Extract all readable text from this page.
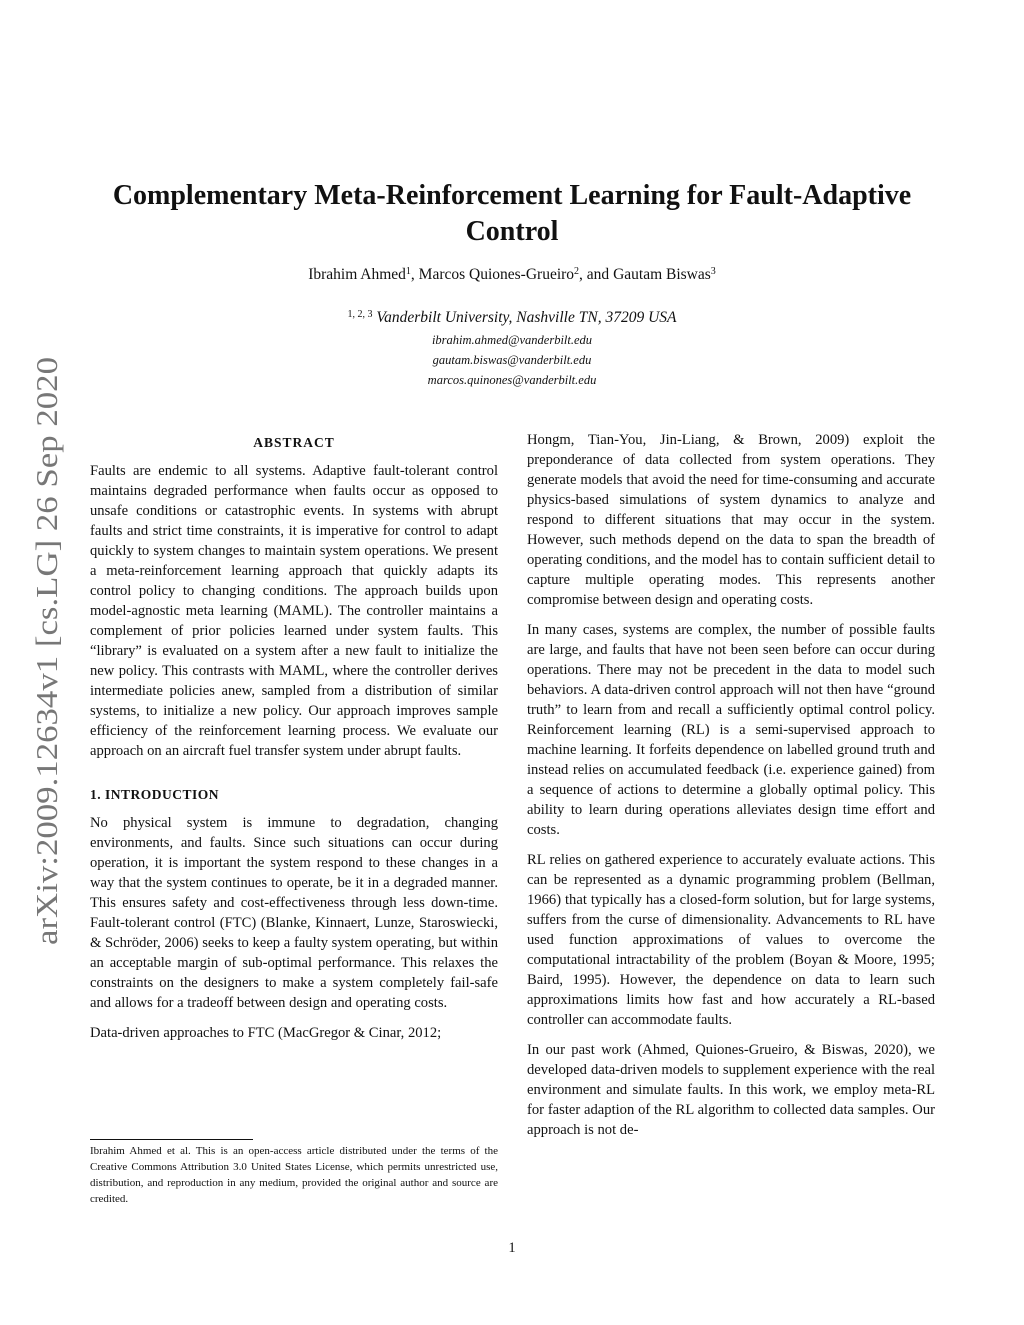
arXiv:2009.12634v1 [cs.LG] 26 Sep 2020
Complementary Meta-Reinforcement Learning for Fault-Adaptive Control
Ibrahim Ahmed$^1$, Marcos Quiones-Grueiro$^2$, and Gautam Biswas$^3$
$^{1, 2, 3}$ Vanderbilt University, Nashville TN, 37209 USA
ibrahim.ahmed@vanderbilt.edu
gautam.biswas@vanderbilt.edu
marcos.quinones@vanderbilt.edu
ABSTRACT

Faults are endemic to all systems. Adaptive fault-tolerant control maintains degraded performance when faults occur as opposed to unsafe conditions or catastrophic events. In systems with abrupt faults and strict time constraints, it is imperative for control to adapt quickly to system changes to maintain system operations. We present a meta-reinforcement learning approach that quickly adapts its control policy to changing conditions. The approach builds upon model-agnostic meta learning (MAML). The controller maintains a complement of prior policies learned under system faults. This “library” is evaluated on a system after a new fault to initialize the new policy. This contrasts with MAML, where the controller derives intermediate policies anew, sampled from a distribution of similar systems, to initialize a new policy. Our approach improves sample efficiency of the reinforcement learning process. We evaluate our approach on an aircraft fuel transfer system under abrupt faults.

1. INTRODUCTION

No physical system is immune to degradation, changing environments, and faults. Since such situations can occur during operation, it is important the system respond to these changes in a way that the system continues to operate, be it in a degraded manner. This ensures safety and cost-effectiveness through less down-time. Fault-tolerant control (FTC) (Blanke, Kinnaert, Lunze, Staroswiecki, & Schröder, 2006) seeks to keep a faulty system operating, but within an acceptable margin of sub-optimal performance. This relaxes the constraints on the designers to make a system completely fail-safe and allows for a tradeoff between design and operating costs.

Data-driven approaches to FTC (MacGregor & Cinar, 2012;

Hongm, Tian-You, Jin-Liang, & Brown, 2009) exploit the preponderance of data collected from system operations. They generate models that avoid the need for time-consuming and accurate physics-based simulations of system dynamics to analyze and respond to different situations that may occur in the system. However, such methods depend on the data to span the breadth of operating conditions, and the model has to contain sufficient detail to capture multiple operating modes. This represents another compromise between design and operating costs.

In many cases, systems are complex, the number of possible faults are large, and faults that have not been seen before can occur during operations. There may not be precedent in the data to model such behaviors. A data-driven control approach will not then have “ground truth” to learn from and recall a sufficiently optimal control policy. Reinforcement learning (RL) is a semi-supervised approach to machine learning. It forfeits dependence on labelled ground truth and instead relies on accumulated feedback (i.e. experience gained) from a sequence of actions to determine a globally optimal policy. This ability to learn during operations alleviates design time effort and costs.

RL relies on gathered experience to accurately evaluate actions. This can be represented as a dynamic programming problem (Bellman, 1966) that typically has a closed-form solution, but for large systems, suffers from the curse of dimensionality. Advancements to RL have used function approximations of values to overcome the computational intractability of the problem (Boyan & Moore, 1995; Baird, 1995). However, the dependence on data to learn such approximations limits how fast and how accurately a RL-based controller can accommodate faults.

In our past work (Ahmed, Quiones-Grueiro, & Biswas, 2020), we developed data-driven models to supplement experience with the real environment and simulate faults. In this work, we employ meta-RL for faster adaption of the RL algorithm to collected data samples. Our approach is not de-

Ibrahim Ahmed et al. This is an open-access article distributed under the terms of the Creative Commons Attribution 3.0 United States License, which permits unrestricted use, distribution, and reproduction in any medium, provided the original author and source are credited.

1
